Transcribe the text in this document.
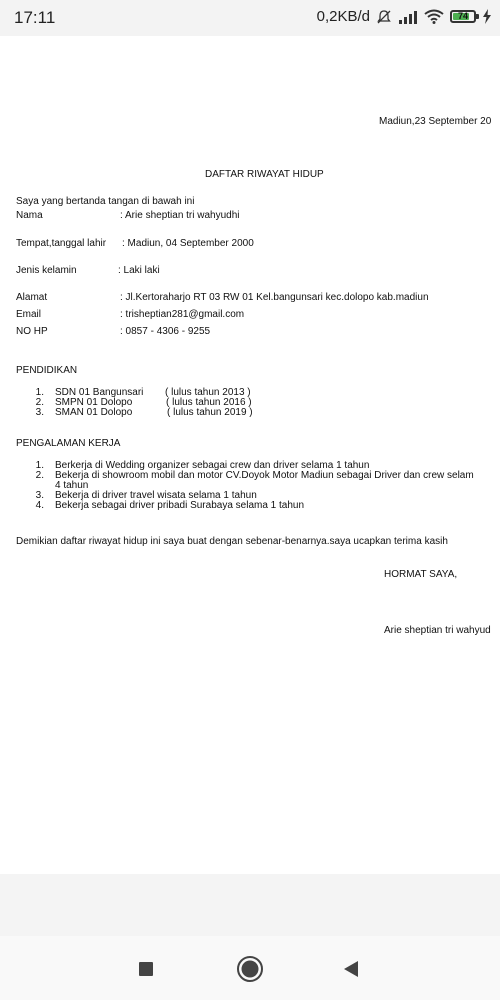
17:11	0,2KB/d	74
Madiun,23 September 20
DAFTAR RIWAYAT HIDUP
Saya yang bertanda tangan di bawah ini
Nama	: Arie sheptian tri wahyudhi
Tempat,tanggal lahir : Madiun, 04 September 2000
Jenis kelamin	: Laki laki
Alamat	: Jl.Kertoraharjo RT 03 RW 01 Kel.bangunsari kec.dolopo kab.madiun
Email	: trisheptian281@gmail.com
NO HP	: 0857 - 4306 - 9255
PENDIDIKAN
1. SDN 01 Bangunsari ( lulus tahun 2013 )

2. SMPN 01 Dolopo	( lulus tahun 2016 )

3. SMAN 01 Dolopo	( lulus tahun 2019 )

PENGALAMAN KERJA
1. Berkerja di Wedding organizer sebagai crew dan driver selama 1 tahun

2. Bekerja di showroom mobil dan motor CV.Doyok Motor Madiun sebagai Driver dan crew selam

4 tahun

3. Bekerja di driver travel wisata selama 1 tahun

4. Bekerja sebagai driver pribadi Surabaya selama 1 tahun

Demikian daftar riwayat hidup ini saya buat dengan sebenar-benarnya.saya ucapkan terima kasih
HORMAT SAYA,
Arie sheptian tri wahyud
